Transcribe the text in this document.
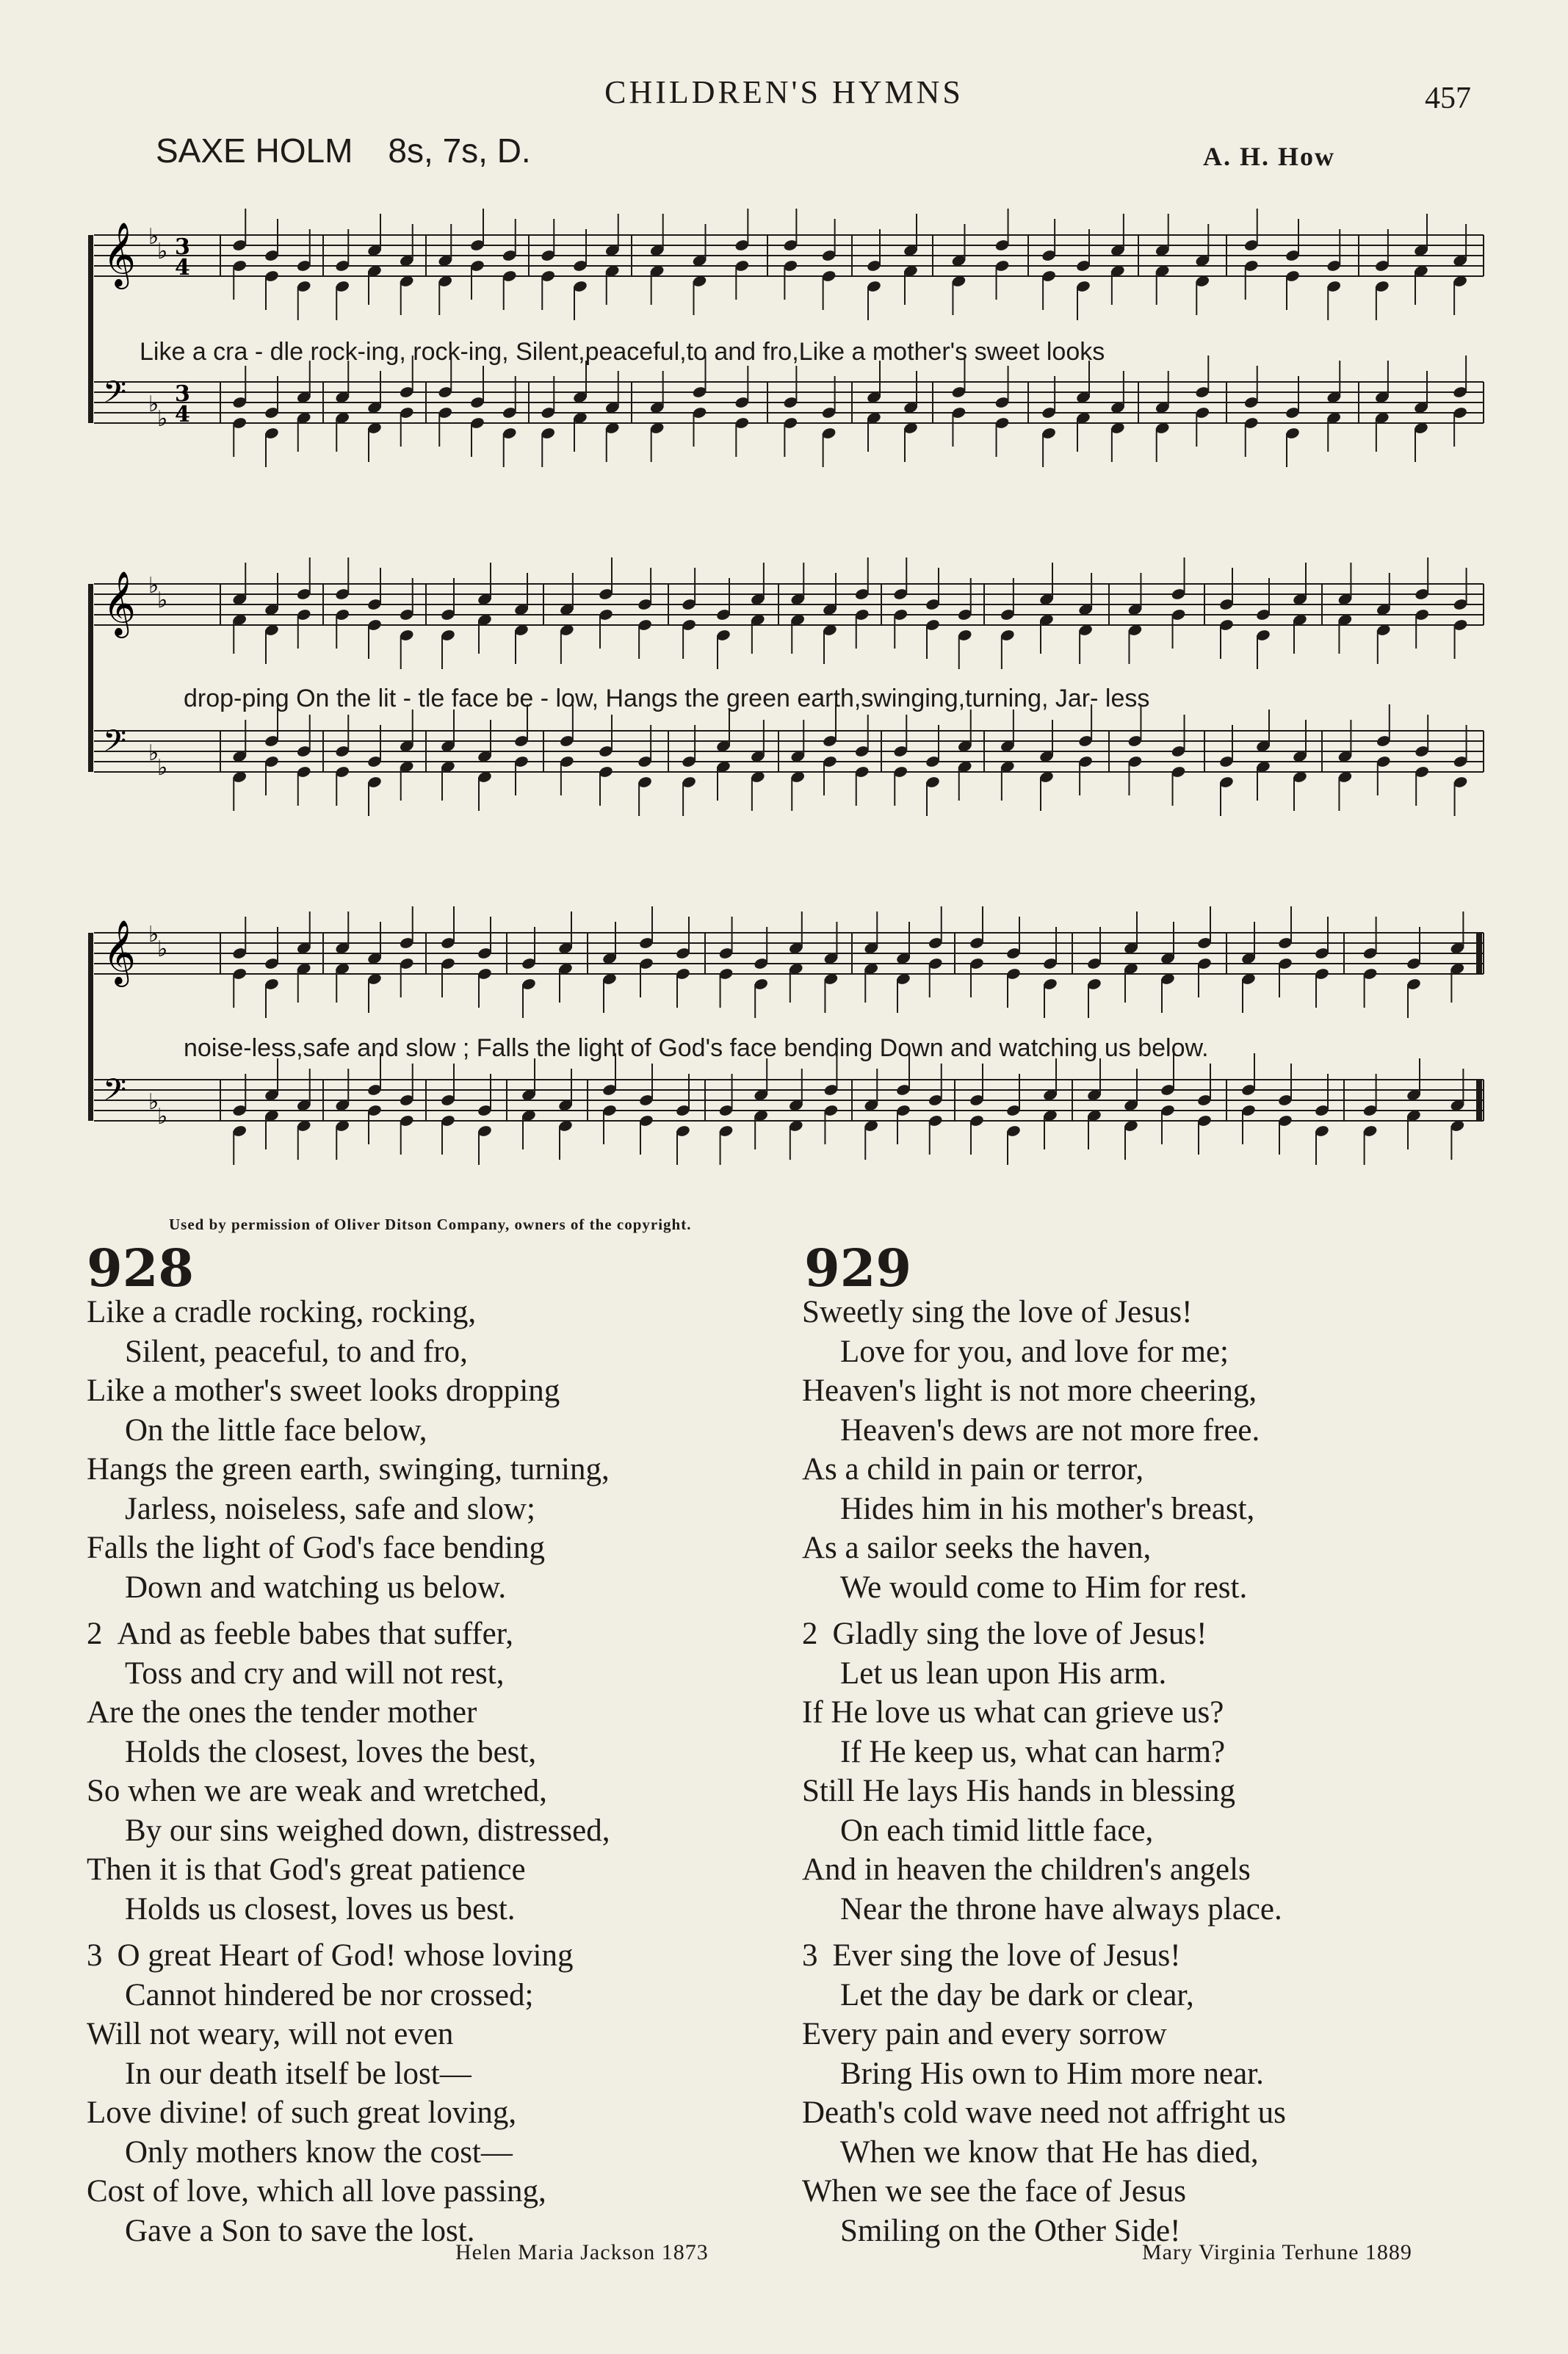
CHILDREN'S HYMNS	457
SAXE HOLM 8s, 7s, D.	A. H. How
𝄞 ♭
♭ 3
4
𝄢 ♭
♭
3
4
𝄞 ♭
♭
𝄢 ♭
♭
𝄞 ♭
♭
𝄢 ♭
♭
Like a cra - dle rock-ing, rock-ing, Silent,peaceful,to and fro,Like a mother's sweet looks
drop-ping On the lit - tle face be - low, Hangs the green earth,swinging,turning, Jar- less
noise-less,safe and slow ; Falls the light of God's face bending Down and watching us below.
Used by permission of Oliver Ditson Company, owners of the copyright.
928
Like a cradle rocking, rocking,
Silent, peaceful, to and fro,
Like a mother's sweet looks dropping
On the little face below,
Hangs the green earth, swinging, turning,
Jarless, noiseless, safe and slow;
Falls the light of God's face bending
Down and watching us below.
2 And as feeble babes that suffer,
Toss and cry and will not rest,
Are the ones the tender mother
Holds the closest, loves the best,
So when we are weak and wretched,
By our sins weighed down, distressed,
Then it is that God's great patience
Holds us closest, loves us best.
3 O great Heart of God! whose loving
Cannot hindered be nor crossed;
Will not weary, will not even
In our death itself be lost—
Love divine! of such great loving,
Only mothers know the cost—
Cost of love, which all love passing,
Gave a Son to save the lost.
Helen Maria Jackson 1873
929
Sweetly sing the love of Jesus!
Love for you, and love for me;
Heaven's light is not more cheering,
Heaven's dews are not more free.
As a child in pain or terror,
Hides him in his mother's breast,
As a sailor seeks the haven,
We would come to Him for rest.
2 Gladly sing the love of Jesus!
Let us lean upon His arm.
If He love us what can grieve us?
If He keep us, what can harm?
Still He lays His hands in blessing
On each timid little face,
And in heaven the children's angels
Near the throne have always place.
3 Ever sing the love of Jesus!
Let the day be dark or clear,
Every pain and every sorrow
Bring His own to Him more near.
Death's cold wave need not affright us
When we know that He has died,
When we see the face of Jesus
Smiling on the Other Side!
Mary Virginia Terhune 1889
